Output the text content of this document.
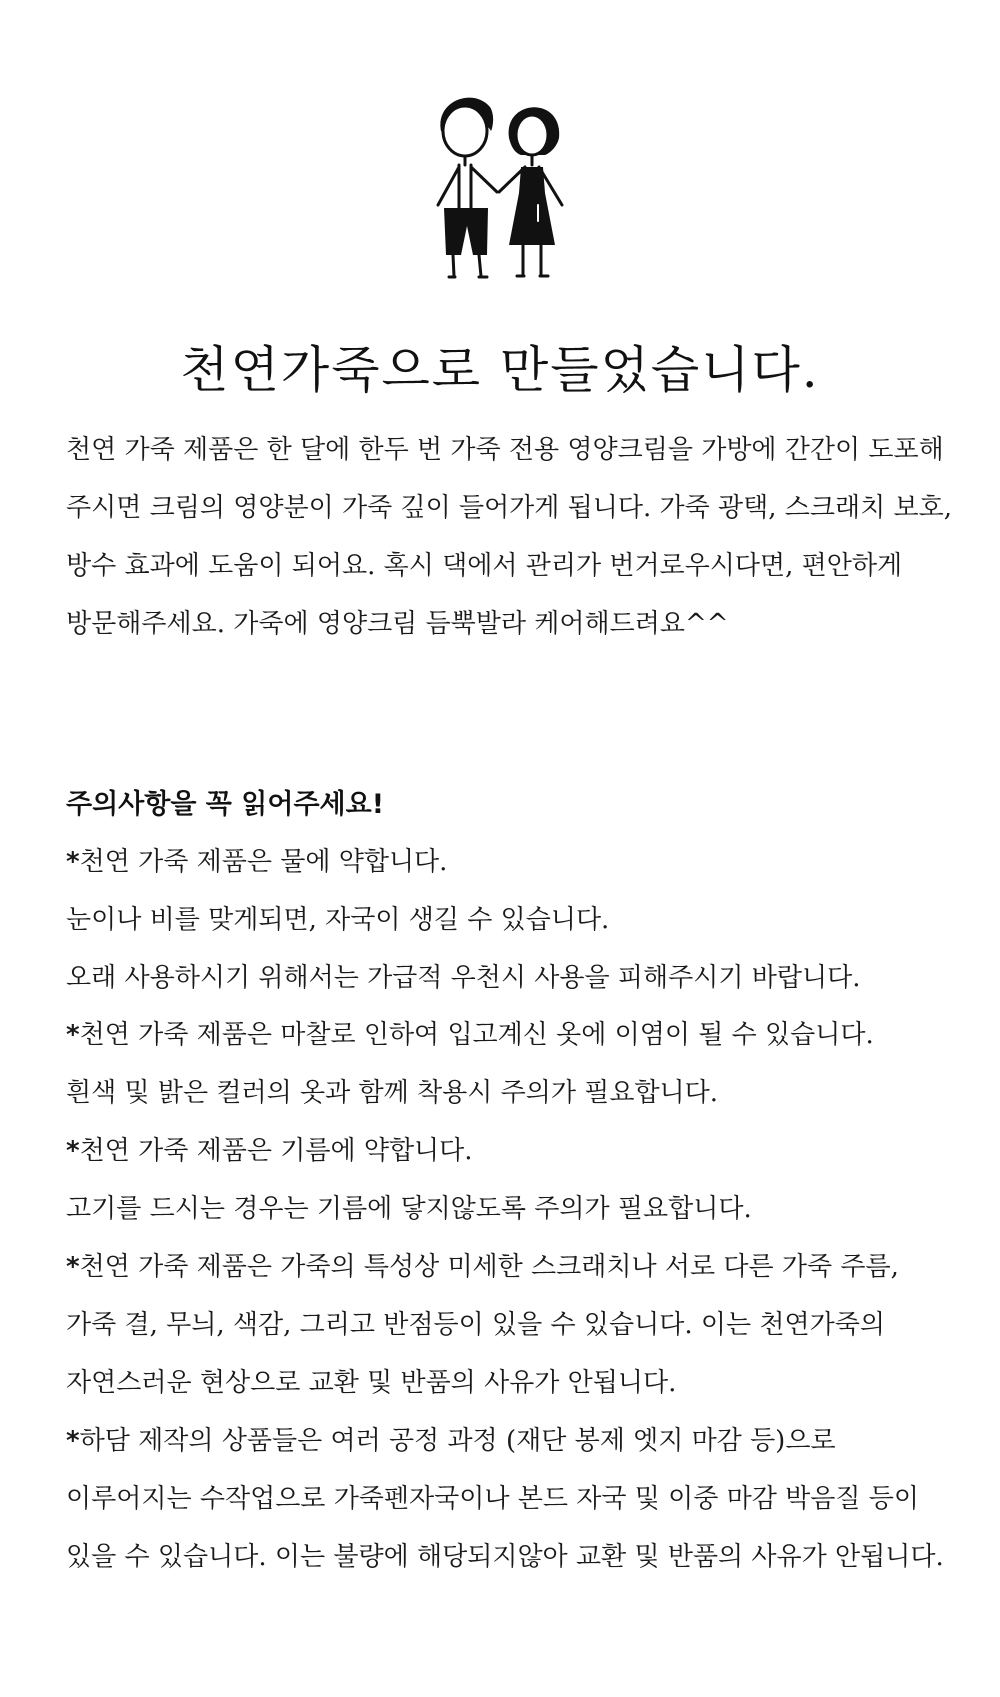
천연가죽으로 만들었습니다.

천연 가죽 제품은 한 달에 한두 번 가죽 전용 영양크림을 가방에 간간이 도포해

주시면 크림의 영양분이 가죽 깊이 들어가게 됩니다. 가죽 광택, 스크래치 보호,

방수 효과에 도움이 되어요. 혹시 댁에서 관리가 번거로우시다면, 편안하게

방문해주세요. 가죽에 영양크림 듬뿍발라 케어해드려요^^

주의사항을 꼭 읽어주세요!

*천연 가죽 제품은 물에 약합니다.

눈이나 비를 맞게되면, 자국이 생길 수 있습니다.

오래 사용하시기 위해서는 가급적 우천시 사용을 피해주시기 바랍니다.

*천연 가죽 제품은 마찰로 인하여 입고계신 옷에 이염이 될 수 있습니다.

흰색 및 밝은 컬러의 옷과 함께 착용시 주의가 필요합니다.

*천연 가죽 제품은 기름에 약합니다.

고기를 드시는 경우는 기름에 닿지않도록 주의가 필요합니다.

*천연 가죽 제품은 가죽의 특성상 미세한 스크래치나 서로 다른 가죽 주름,

가죽 결, 무늬, 색감, 그리고 반점등이 있을 수 있습니다. 이는 천연가죽의

자연스러운 현상으로 교환 및 반품의 사유가 안됩니다.

*하담 제작의 상품들은 여러 공정 과정 (재단 봉제 엣지 마감 등)으로

이루어지는 수작업으로 가죽펜자국이나 본드 자국 및 이중 마감 박음질 등이

있을 수 있습니다. 이는 불량에 해당되지않아 교환 및 반품의 사유가 안됩니다.
